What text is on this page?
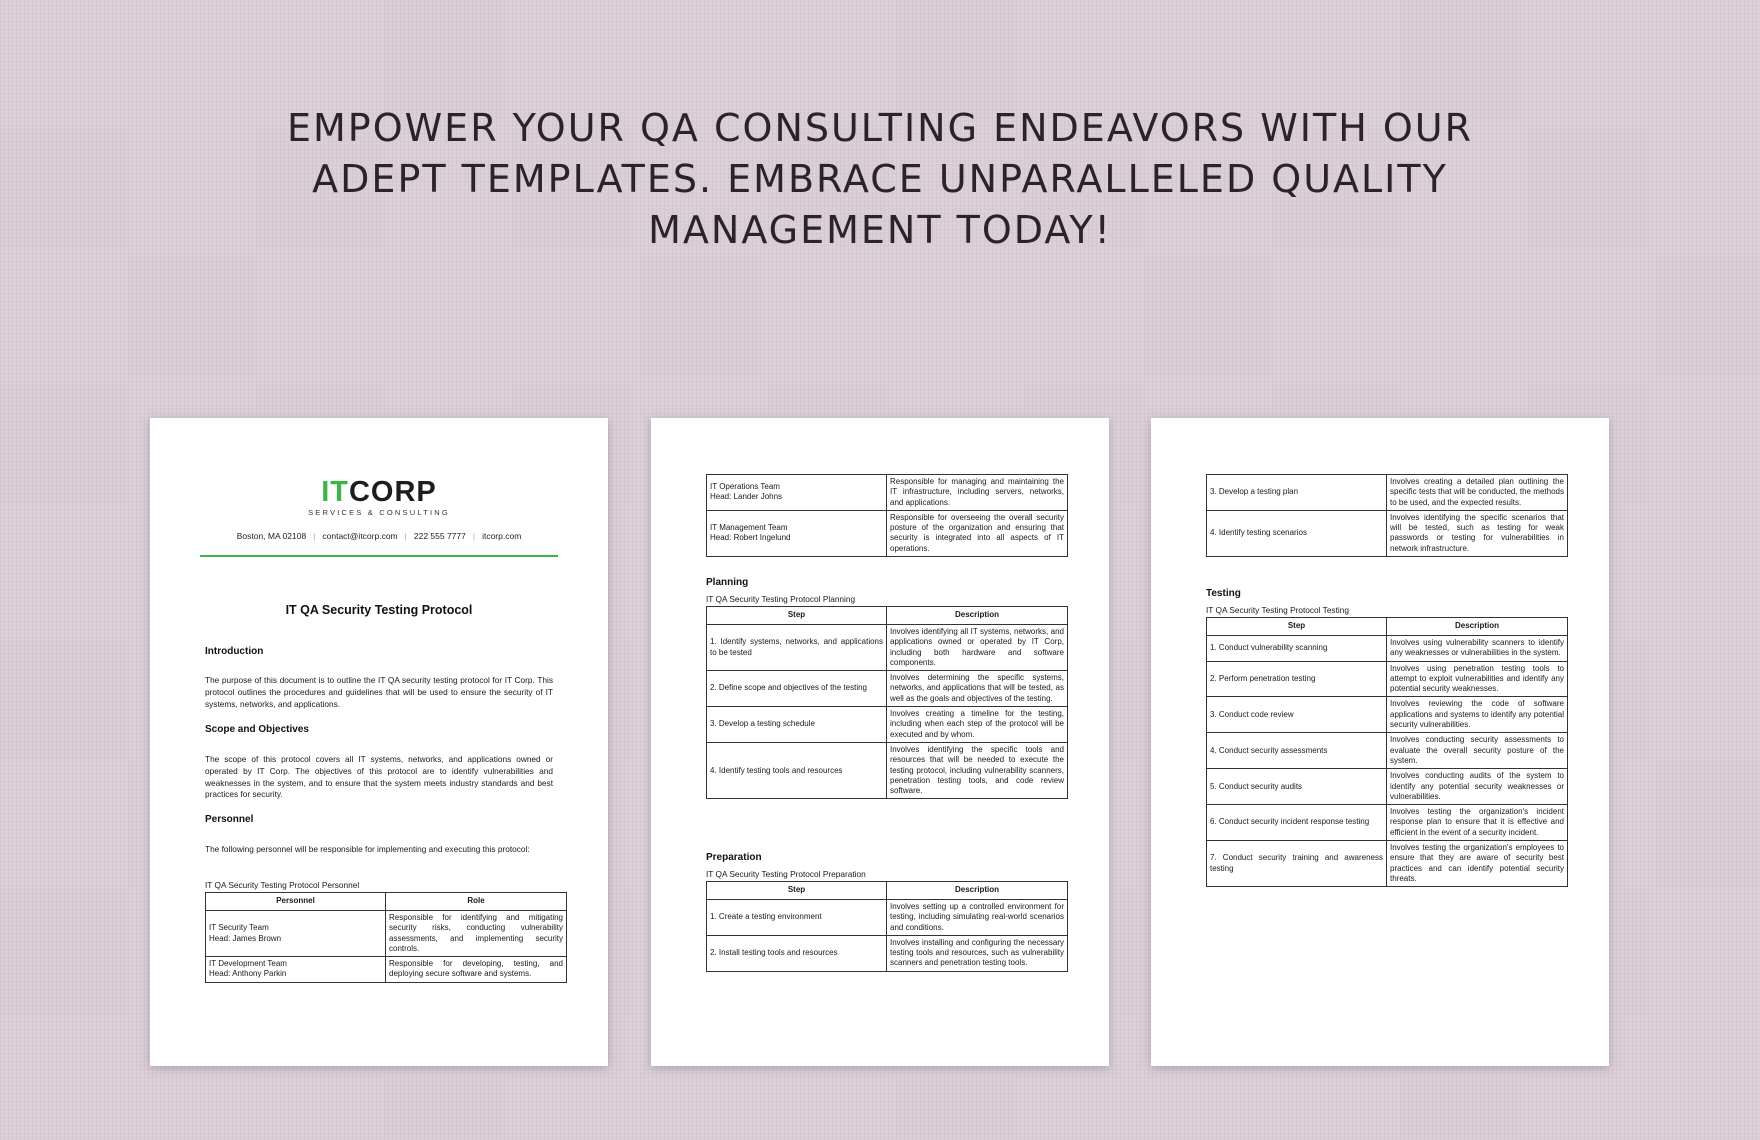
EMPOWER YOUR QA CONSULTING ENDEAVORS WITH OUR
ADEPT TEMPLATES. EMBRACE UNPARALLELED QUALITY
MANAGEMENT TODAY!
ITCORP
SERVICES & CONSULTING
Boston, MA 02108 | contact@itcorp.com | 222 555 7777 | itcorp.com
IT QA Security Testing Protocol
Introduction
The purpose of this document is to outline the IT QA security testing protocol for IT Corp. This protocol outlines the procedures and guidelines that will be used to ensure the security of IT systems, networks, and applications.
Scope and Objectives
The scope of this protocol covers all IT systems, networks, and applications owned or operated by IT Corp. The objectives of this protocol are to identify vulnerabilities and weaknesses in the system, and to ensure that the system meets industry standards and best practices for security.
Personnel
The following personnel will be responsible for implementing and executing this protocol:
IT QA Security Testing Protocol Personnel
Personnel	Role
IT Security Team
Head: James Brown	Responsible for identifying and mitigating security risks, conducting vulnerability assessments, and implementing security controls.
IT Development Team
Head: Anthony Parkin	Responsible for developing, testing, and deploying secure software and systems.
IT Operations Team
Head: Lander Johns	Responsible for managing and maintaining the IT infrastructure, including servers, networks, and applications.
IT Management Team
Head: Robert Ingelund	Responsible for overseeing the overall security posture of the organization and ensuring that security is integrated into all aspects of IT operations.
Planning
IT QA Security Testing Protocol Planning
Step	Description
1. Identify systems, networks, and applications to be tested	Involves identifying all IT systems, networks, and applications owned or operated by IT Corp, including both hardware and software components.
2. Define scope and objectives of the testing	Involves determining the specific systems, networks, and applications that will be tested, as well as the goals and objectives of the testing.
3. Develop a testing schedule	Involves creating a timeline for the testing, including when each step of the protocol will be executed and by whom.
4. Identify testing tools and resources	Involves identifying the specific tools and resources that will be needed to execute the testing protocol, including vulnerability scanners, penetration testing tools, and code review software.
Preparation
IT QA Security Testing Protocol Preparation
Step	Description
1. Create a testing environment	Involves setting up a controlled environment for testing, including simulating real-world scenarios and conditions.
2. Install testing tools and resources	Involves installing and configuring the necessary testing tools and resources, such as vulnerability scanners and penetration testing tools.
3. Develop a testing plan	Involves creating a detailed plan outlining the specific tests that will be conducted, the methods to be used, and the expected results.
4. Identify testing scenarios	Involves identifying the specific scenarios that will be tested, such as testing for weak passwords or testing for vulnerabilities in network infrastructure.
Testing
IT QA Security Testing Protocol Testing
Step	Description
1. Conduct vulnerability scanning	Involves using vulnerability scanners to identify any weaknesses or vulnerabilities in the system.
2. Perform penetration testing	Involves using penetration testing tools to attempt to exploit vulnerabilities and identify any potential security weaknesses.
3. Conduct code review	Involves reviewing the code of software applications and systems to identify any potential security vulnerabilities.
4. Conduct security assessments	Involves conducting security assessments to evaluate the overall security posture of the system.
5. Conduct security audits	Involves conducting audits of the system to identify any potential security weaknesses or vulnerabilities.
6. Conduct security incident response testing	Involves testing the organization's incident response plan to ensure that it is effective and efficient in the event of a security incident.
7. Conduct security training and awareness testing	Involves testing the organization's employees to ensure that they are aware of security best practices and can identify potential security threats.
